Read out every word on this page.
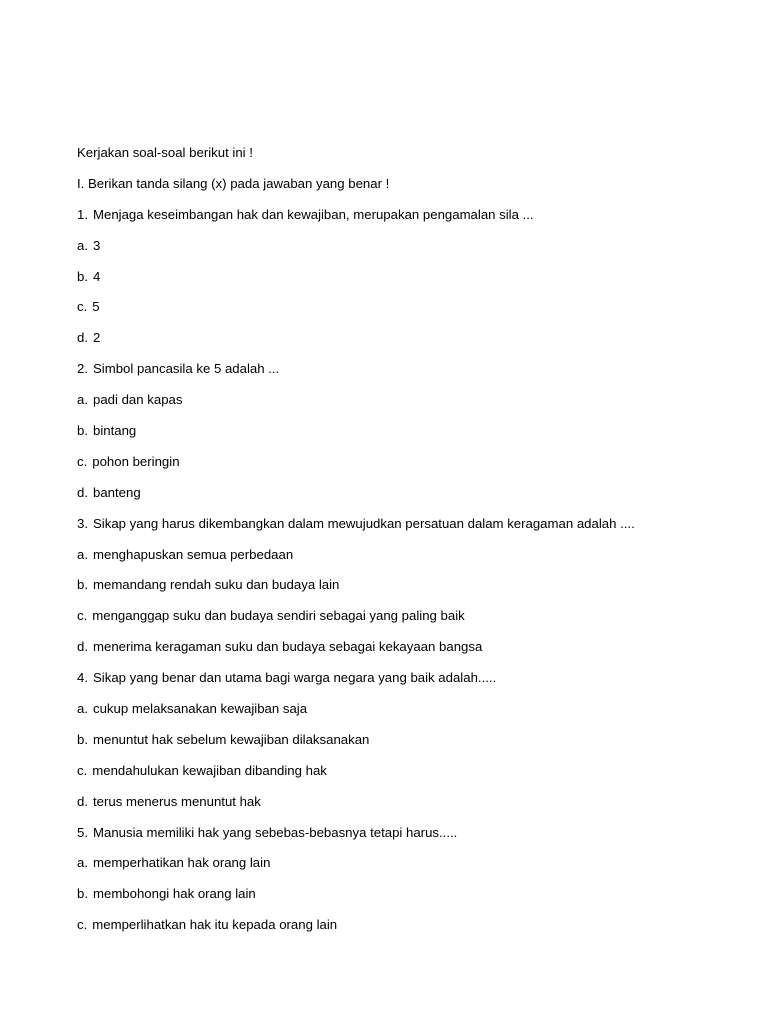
Kerjakan soal-soal berikut ini !
I. Berikan tanda silang (x) pada jawaban yang benar !
1. Menjaga keseimbangan hak dan kewajiban, merupakan pengamalan sila ...
a. 3
b. 4
c. 5
d. 2
2. Simbol pancasila ke 5 adalah ...
a. padi dan kapas
b. bintang
c. pohon beringin
d. banteng
3. Sikap yang harus dikembangkan dalam mewujudkan persatuan dalam keragaman adalah ....
a. menghapuskan semua perbedaan
b. memandang rendah suku dan budaya lain
c. menganggap suku dan budaya sendiri sebagai yang paling baik
d. menerima keragaman suku dan budaya sebagai kekayaan bangsa
4. Sikap yang benar dan utama bagi warga negara yang baik adalah.....
a. cukup melaksanakan kewajiban saja
b. menuntut hak sebelum kewajiban dilaksanakan
c. mendahulukan kewajiban dibanding hak
d. terus menerus menuntut hak
5. Manusia memiliki hak yang sebebas-bebasnya tetapi harus.....
a. memperhatikan hak orang lain
b. membohongi hak orang lain
c. memperlihatkan hak itu kepada orang lain
